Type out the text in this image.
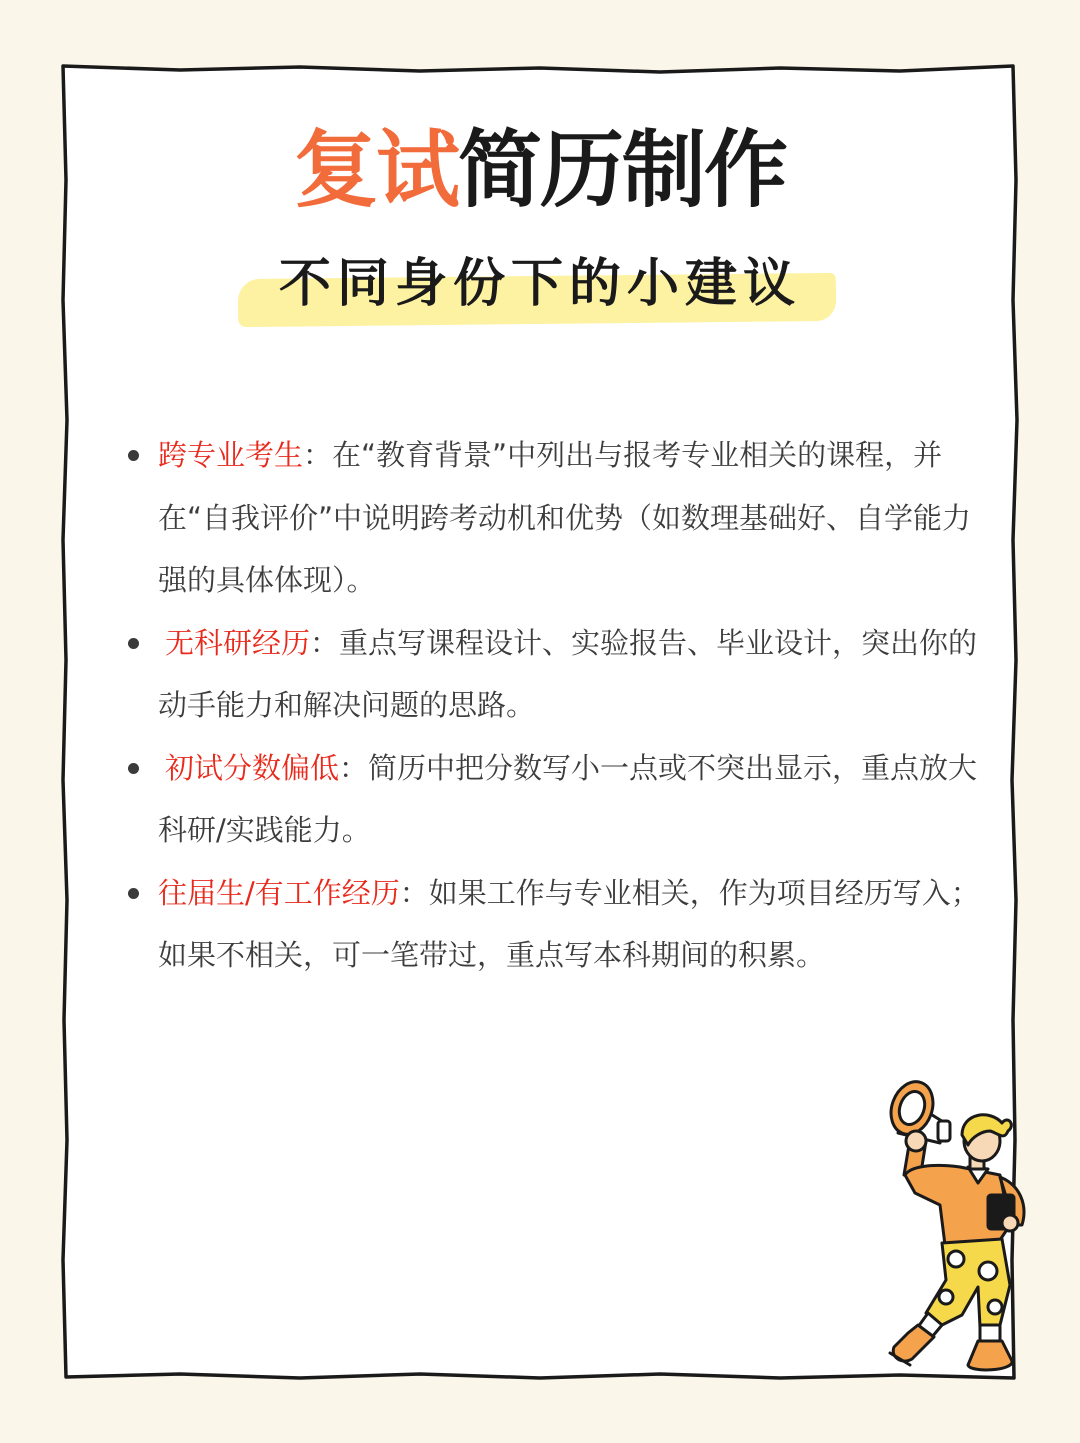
复试简历制作
不同身份下的小建议
跨专业考生：在“教育背景”中列出与报考专业相关的课程，并在“自我评价”中说明跨考动机和优势（如数理基础好、自学能力强的具体体现）。
无科研经历：重点写课程设计、实验报告、毕业设计，突出你的动手能力和解决问题的思路。
初试分数偏低：简历中把分数写小一点或不突出显示，重点放大科研/实践能力。
往届生/有工作经历：如果工作与专业相关，作为项目经历写入；如果不相关，可一笔带过，重点写本科期间的积累。
